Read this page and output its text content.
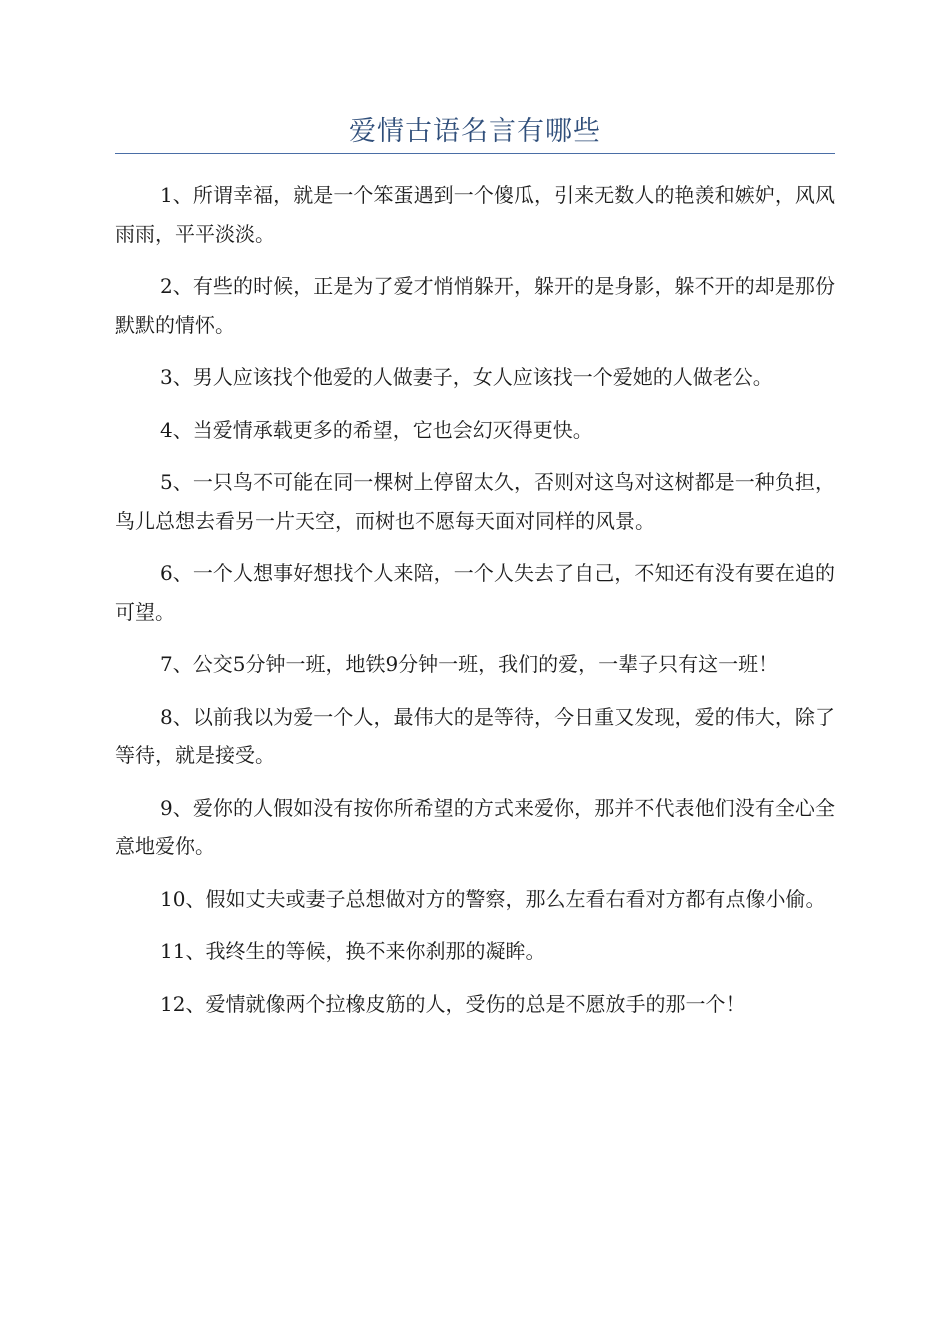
爱情古语名言有哪些

1、所谓幸福，就是一个笨蛋遇到一个傻瓜，引来无数人的艳羡和嫉妒，风风雨雨，平平淡淡。

2、有些的时候，正是为了爱才悄悄躲开，躲开的是身影，躲不开的却是那份默默的情怀。

3、男人应该找个他爱的人做妻子，女人应该找一个爱她的人做老公。

4、当爱情承载更多的希望，它也会幻灭得更快。

5、一只鸟不可能在同一棵树上停留太久，否则对这鸟对这树都是一种负担，鸟儿总想去看另一片天空，而树也不愿每天面对同样的风景。

6、一个人想事好想找个人来陪，一个人失去了自己，不知还有没有要在追的可望。

7、公交5分钟一班，地铁9分钟一班，我们的爱，一辈子只有这一班！

8、以前我以为爱一个人，最伟大的是等待，今日重又发现，爱的伟大，除了等待，就是接受。

9、爱你的人假如没有按你所希望的方式来爱你，那并不代表他们没有全心全意地爱你。

10、假如丈夫或妻子总想做对方的警察，那么左看右看对方都有点像小偷。

11、我终生的等候，换不来你刹那的凝眸。

12、爱情就像两个拉橡皮筋的人，受伤的总是不愿放手的那一个！
